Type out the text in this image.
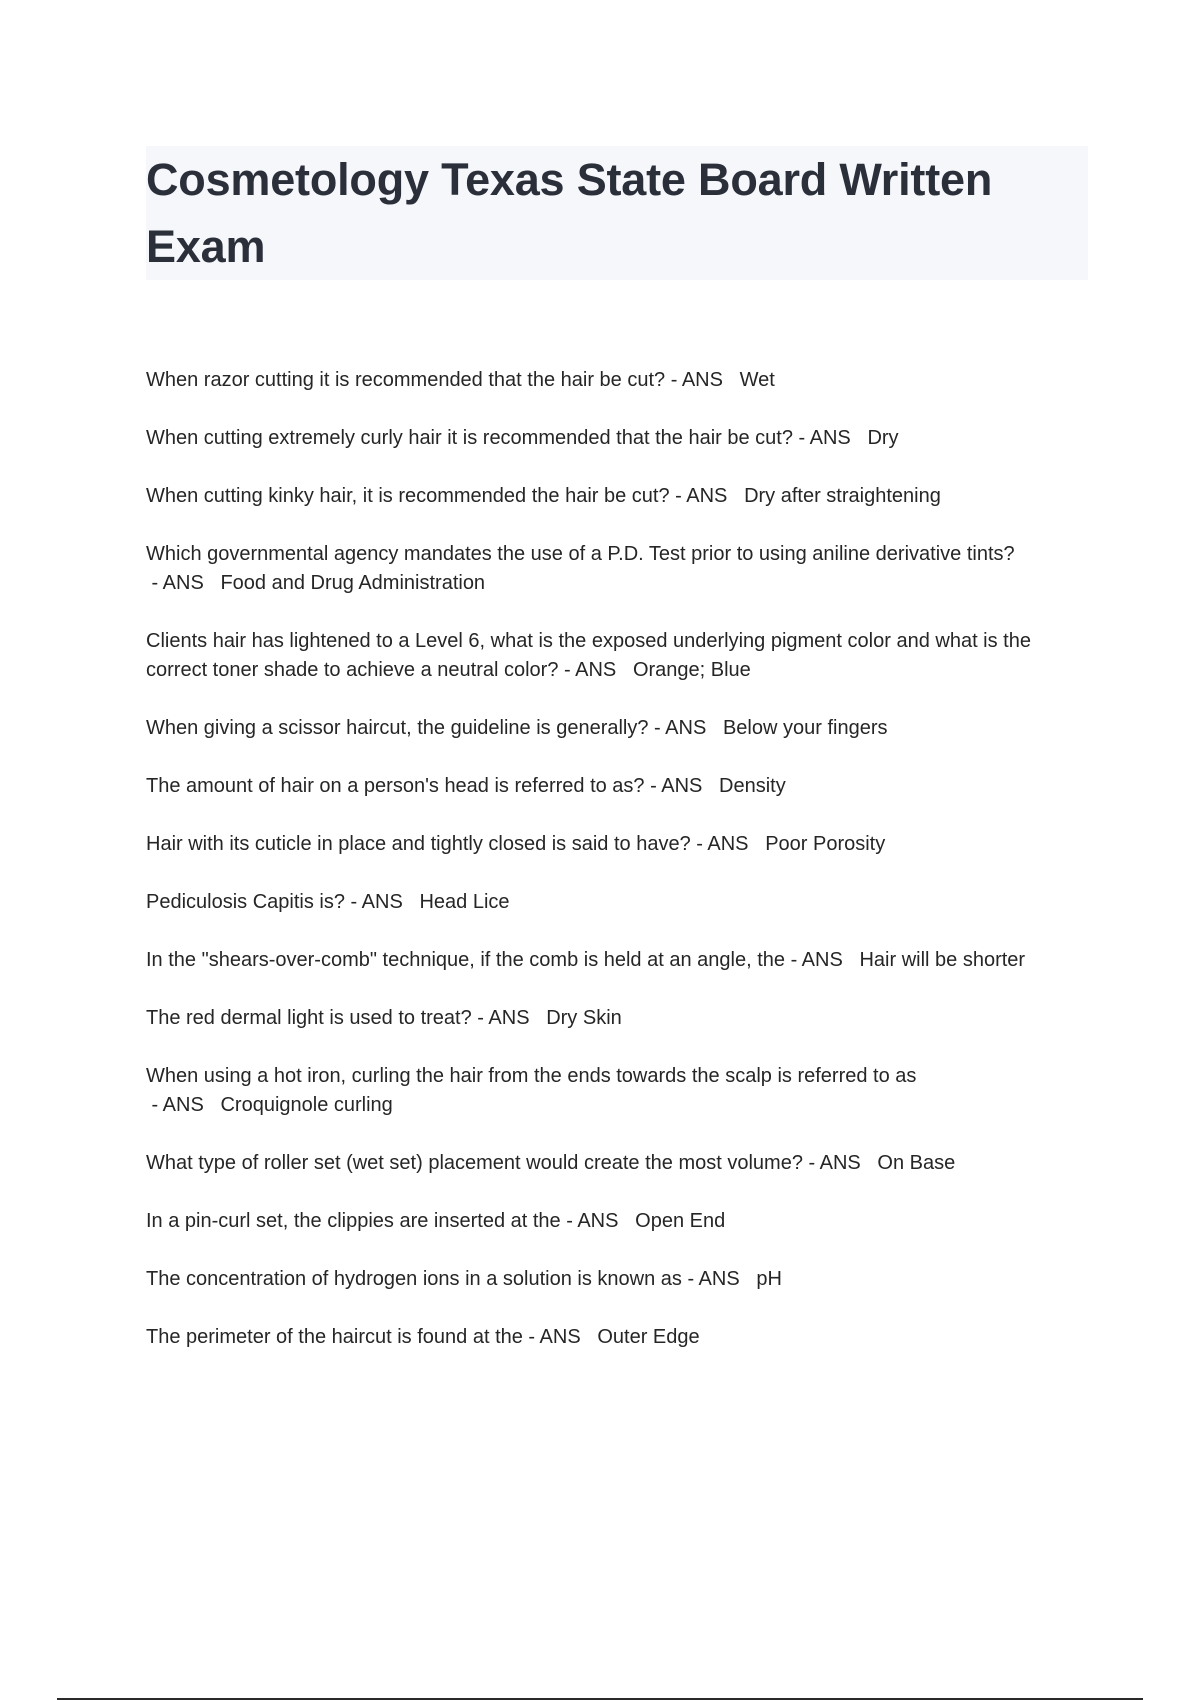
Cosmetology Texas State Board Written Exam
When razor cutting it is recommended that the hair be cut? - ANS   Wet
When cutting extremely curly hair it is recommended that the hair be cut? - ANS   Dry
When cutting kinky hair, it is recommended the hair be cut? - ANS   Dry after straightening
Which governmental agency mandates the use of a P.D. Test prior to using aniline derivative tints? - ANS   Food and Drug Administration
Clients hair has lightened to a Level 6, what is the exposed underlying pigment color and what is the correct toner shade to achieve a neutral color? - ANS   Orange; Blue
When giving a scissor haircut, the guideline is generally? - ANS   Below your fingers
The amount of hair on a person's head is referred to as? - ANS   Density
Hair with its cuticle in place and tightly closed is said to have? - ANS   Poor Porosity
Pediculosis Capitis is? - ANS   Head Lice
In the "shears-over-comb" technique, if the comb is held at an angle, the - ANS   Hair will be shorter
The red dermal light is used to treat? - ANS   Dry Skin
When using a hot iron, curling the hair from the ends towards the scalp is referred to as - ANS   Croquignole curling
What type of roller set (wet set) placement would create the most volume? - ANS   On Base
In a pin-curl set, the clippies are inserted at the - ANS   Open End
The concentration of hydrogen ions in a solution is known as - ANS   pH
The perimeter of the haircut is found at the - ANS   Outer Edge
